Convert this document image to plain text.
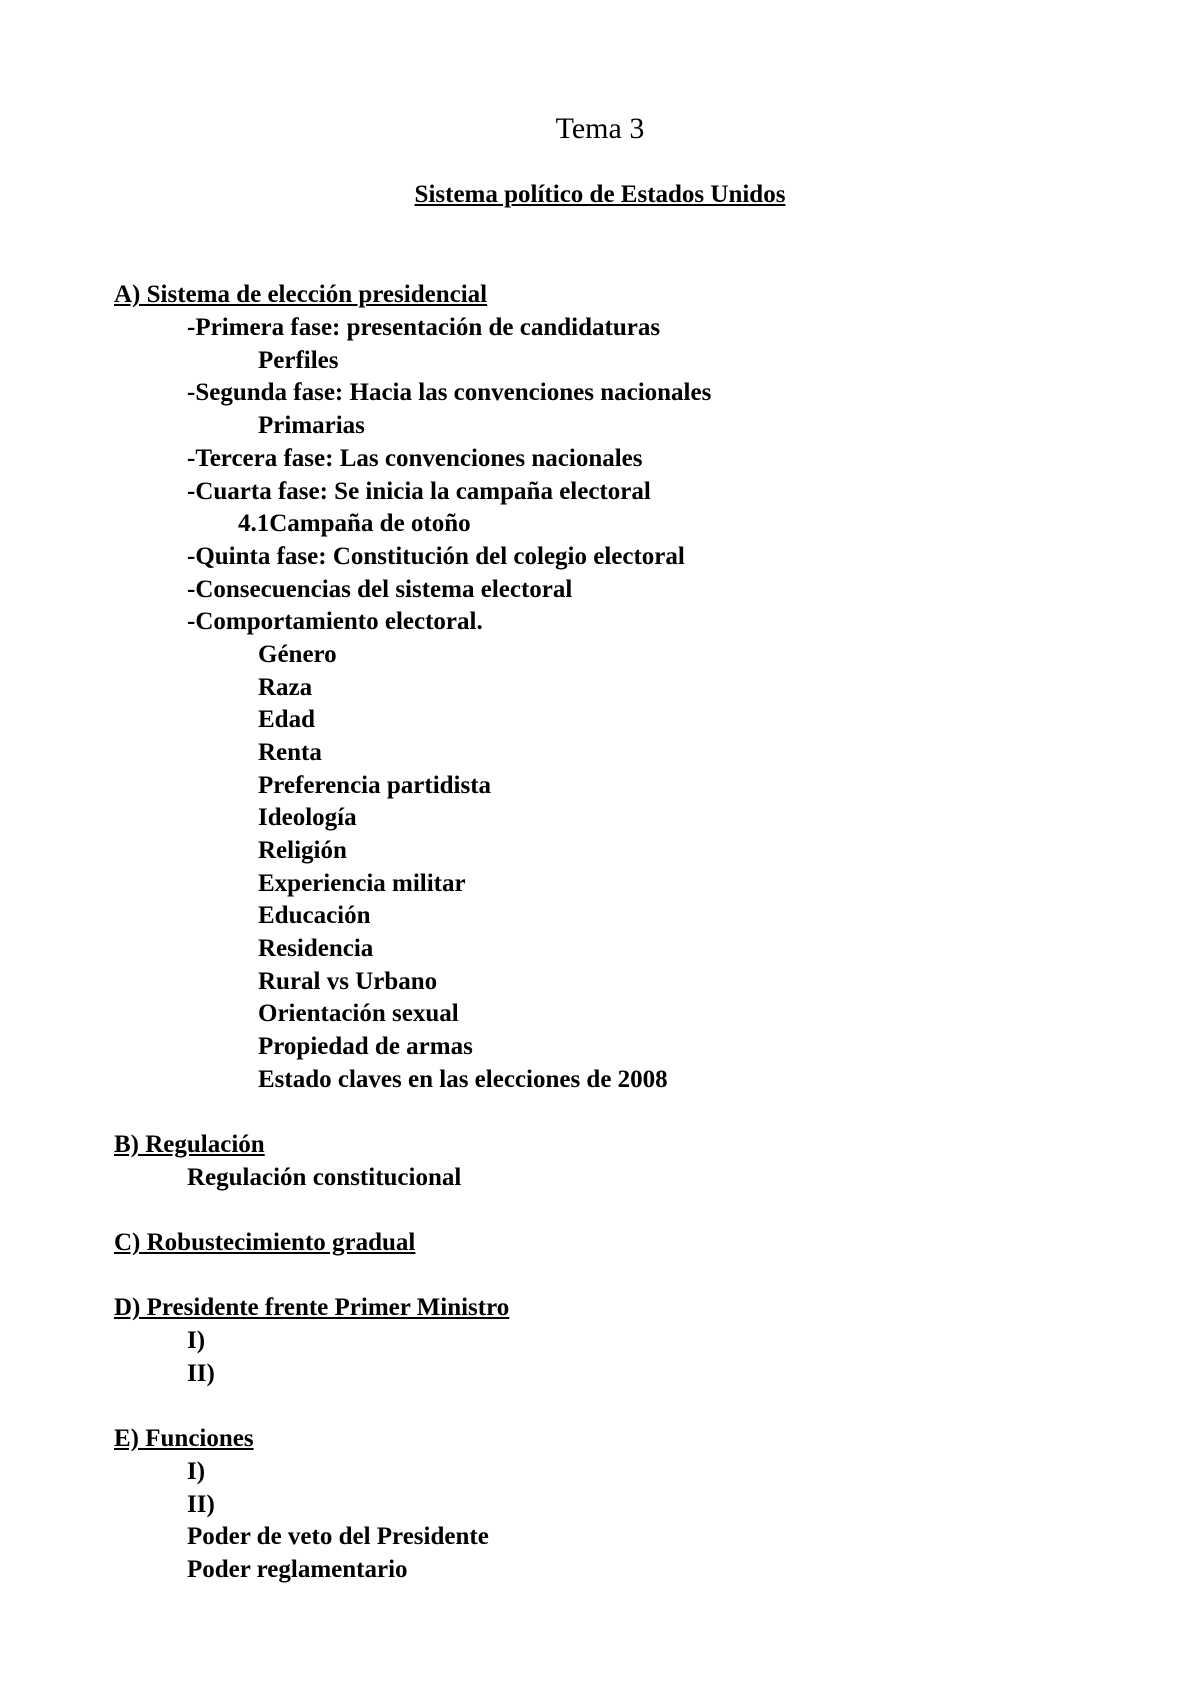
Tema 3
Sistema político de Estados Unidos
A) Sistema de elección presidencial
-Primera fase: presentación de candidaturas
Perfiles
-Segunda fase: Hacia las convenciones nacionales
Primarias
-Tercera fase: Las convenciones nacionales
-Cuarta fase: Se inicia la campaña electoral
4.1Campaña de otoño
-Quinta fase: Constitución del colegio electoral
-Consecuencias del sistema electoral
-Comportamiento electoral.
Género
Raza
Edad
Renta
Preferencia partidista
Ideología
Religión
Experiencia militar
Educación
Residencia
Rural vs Urbano
Orientación sexual
Propiedad de armas
Estado claves en las elecciones de 2008
B) Regulación
Regulación constitucional
C) Robustecimiento gradual
D) Presidente frente Primer Ministro
I)
II)
E) Funciones
I)
II)
Poder de veto del Presidente
Poder reglamentario
